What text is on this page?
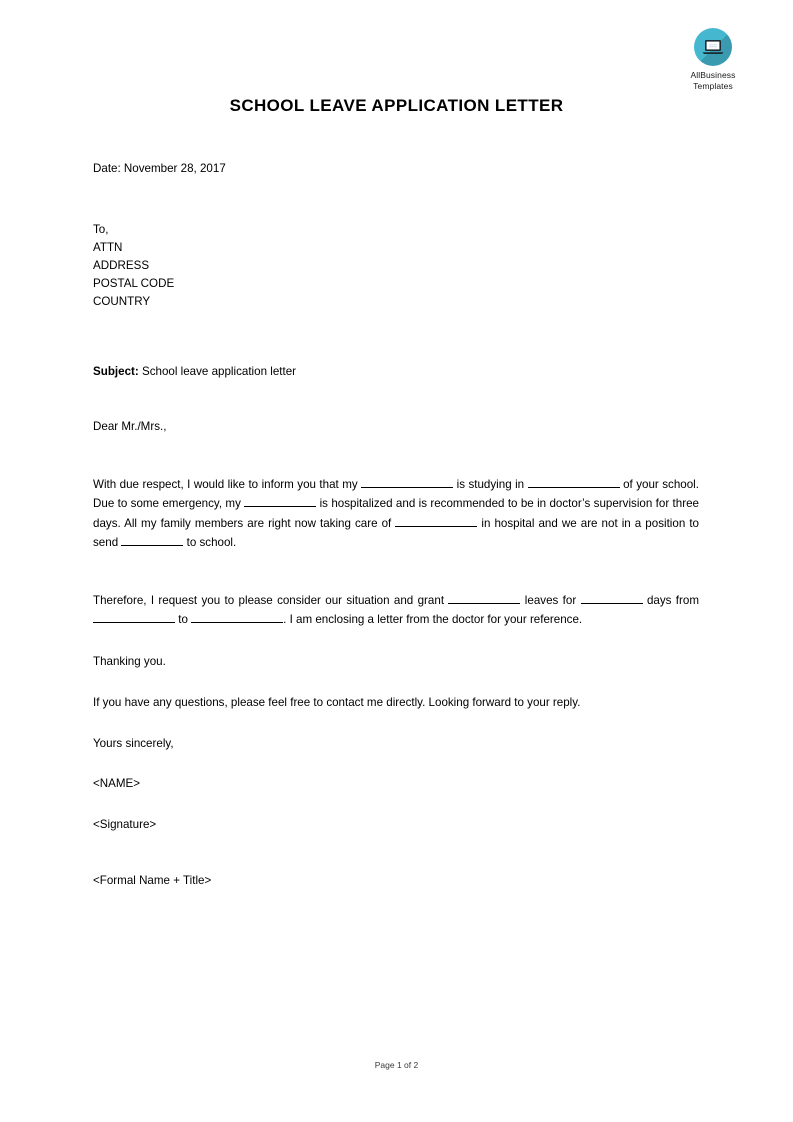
AllBusiness
Templates
SCHOOL LEAVE APPLICATION LETTER
Date: November 28, 2017
To,
ATTN
ADDRESS
POSTAL CODE
COUNTRY
Subject: School leave application letter
Dear Mr./Mrs.,

With due respect, I would like to inform you that my	is studying in	of your school. Due to some emergency, my	is hospitalized and is recommended to be in doctor’s supervision for three days. All my family members are right now taking care of	in hospital and we are not in a position to send	to school.

Therefore, I request you to please consider our situation and grant	leaves for	days from  to	. I am enclosing a letter from the doctor for your reference.

Thanking you.

If you have any questions, please feel free to contact me directly. Looking forward to your reply.

Yours sincerely,
<NAME>
<Signature>
<Formal Name + Title>
Page 1 of 2
